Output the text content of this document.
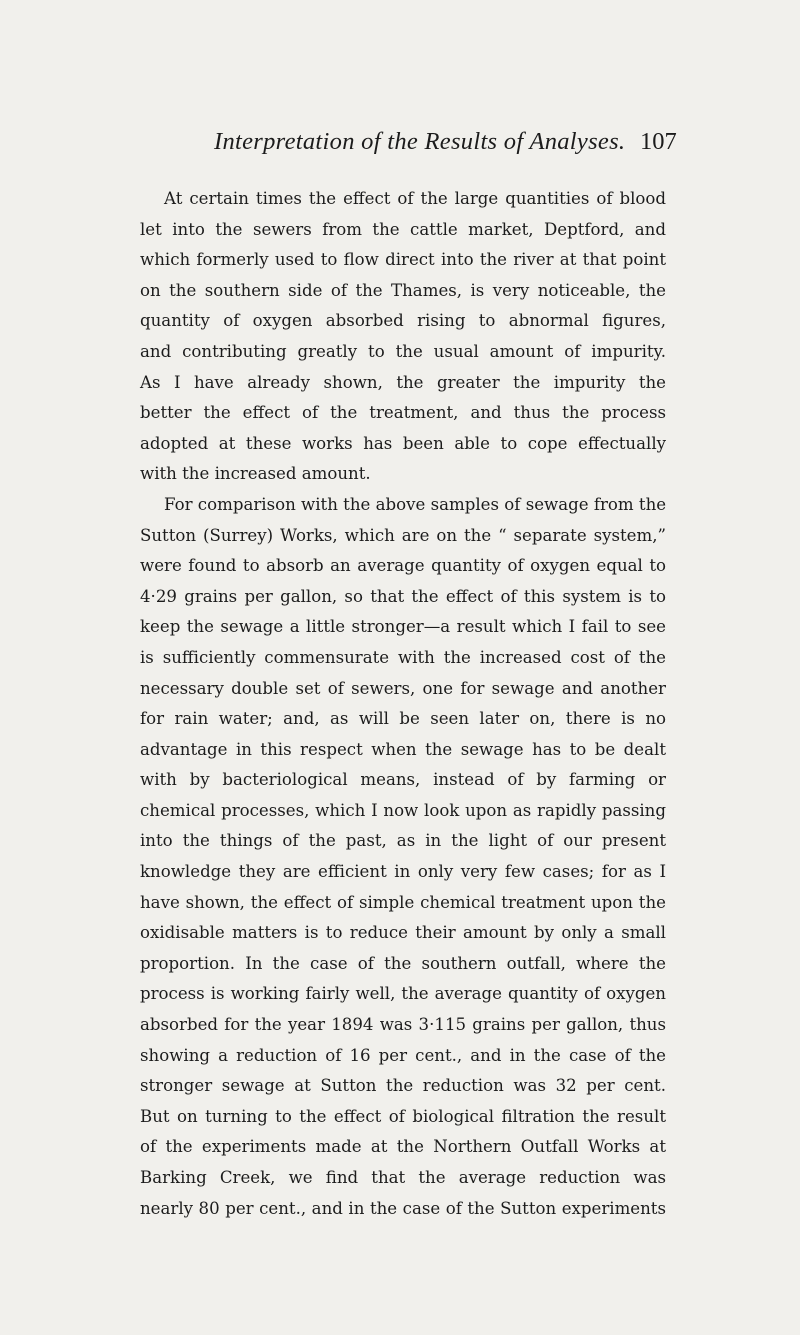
Interpretation of the Results of Analyses. 107
At certain times the effect of the large quantities of blood
let into the sewers from the cattle market, Deptford, and
which formerly used to flow direct into the river at that point
on the southern side of the Thames, is very noticeable, the
quantity of oxygen absorbed rising to abnormal figures,
and contributing greatly to the usual amount of impurity.
As I have already shown, the greater the impurity the
better the effect of the treatment, and thus the process
adopted at these works has been able to cope effectually
with the increased amount.
For comparison with the above samples of sewage from the
Sutton (Surrey) Works, which are on the “ separate system,”
were found to absorb an average quantity of oxygen equal to
4·29 grains per gallon, so that the effect of this system is to
keep the sewage a little stronger—a result which I fail to see
is sufficiently commensurate with the increased cost of the
necessary double set of sewers, one for sewage and another
for rain water; and, as will be seen later on, there is no
advantage in this respect when the sewage has to be dealt
with by bacteriological means, instead of by farming or
chemical processes, which I now look upon as rapidly passing
into the things of the past, as in the light of our present
knowledge they are efficient in only very few cases; for as I
have shown, the effect of simple chemical treatment upon the
oxidisable matters is to reduce their amount by only a small
proportion. In the case of the southern outfall, where the
process is working fairly well, the average quantity of oxygen
absorbed for the year 1894 was 3·115 grains per gallon, thus
showing a reduction of 16 per cent., and in the case of the
stronger sewage at Sutton the reduction was 32 per cent.
But on turning to the effect of biological filtration the result
of the experiments made at the Northern Outfall Works at
Barking Creek, we find that the average reduction was
nearly 80 per cent., and in the case of the Sutton experiments
